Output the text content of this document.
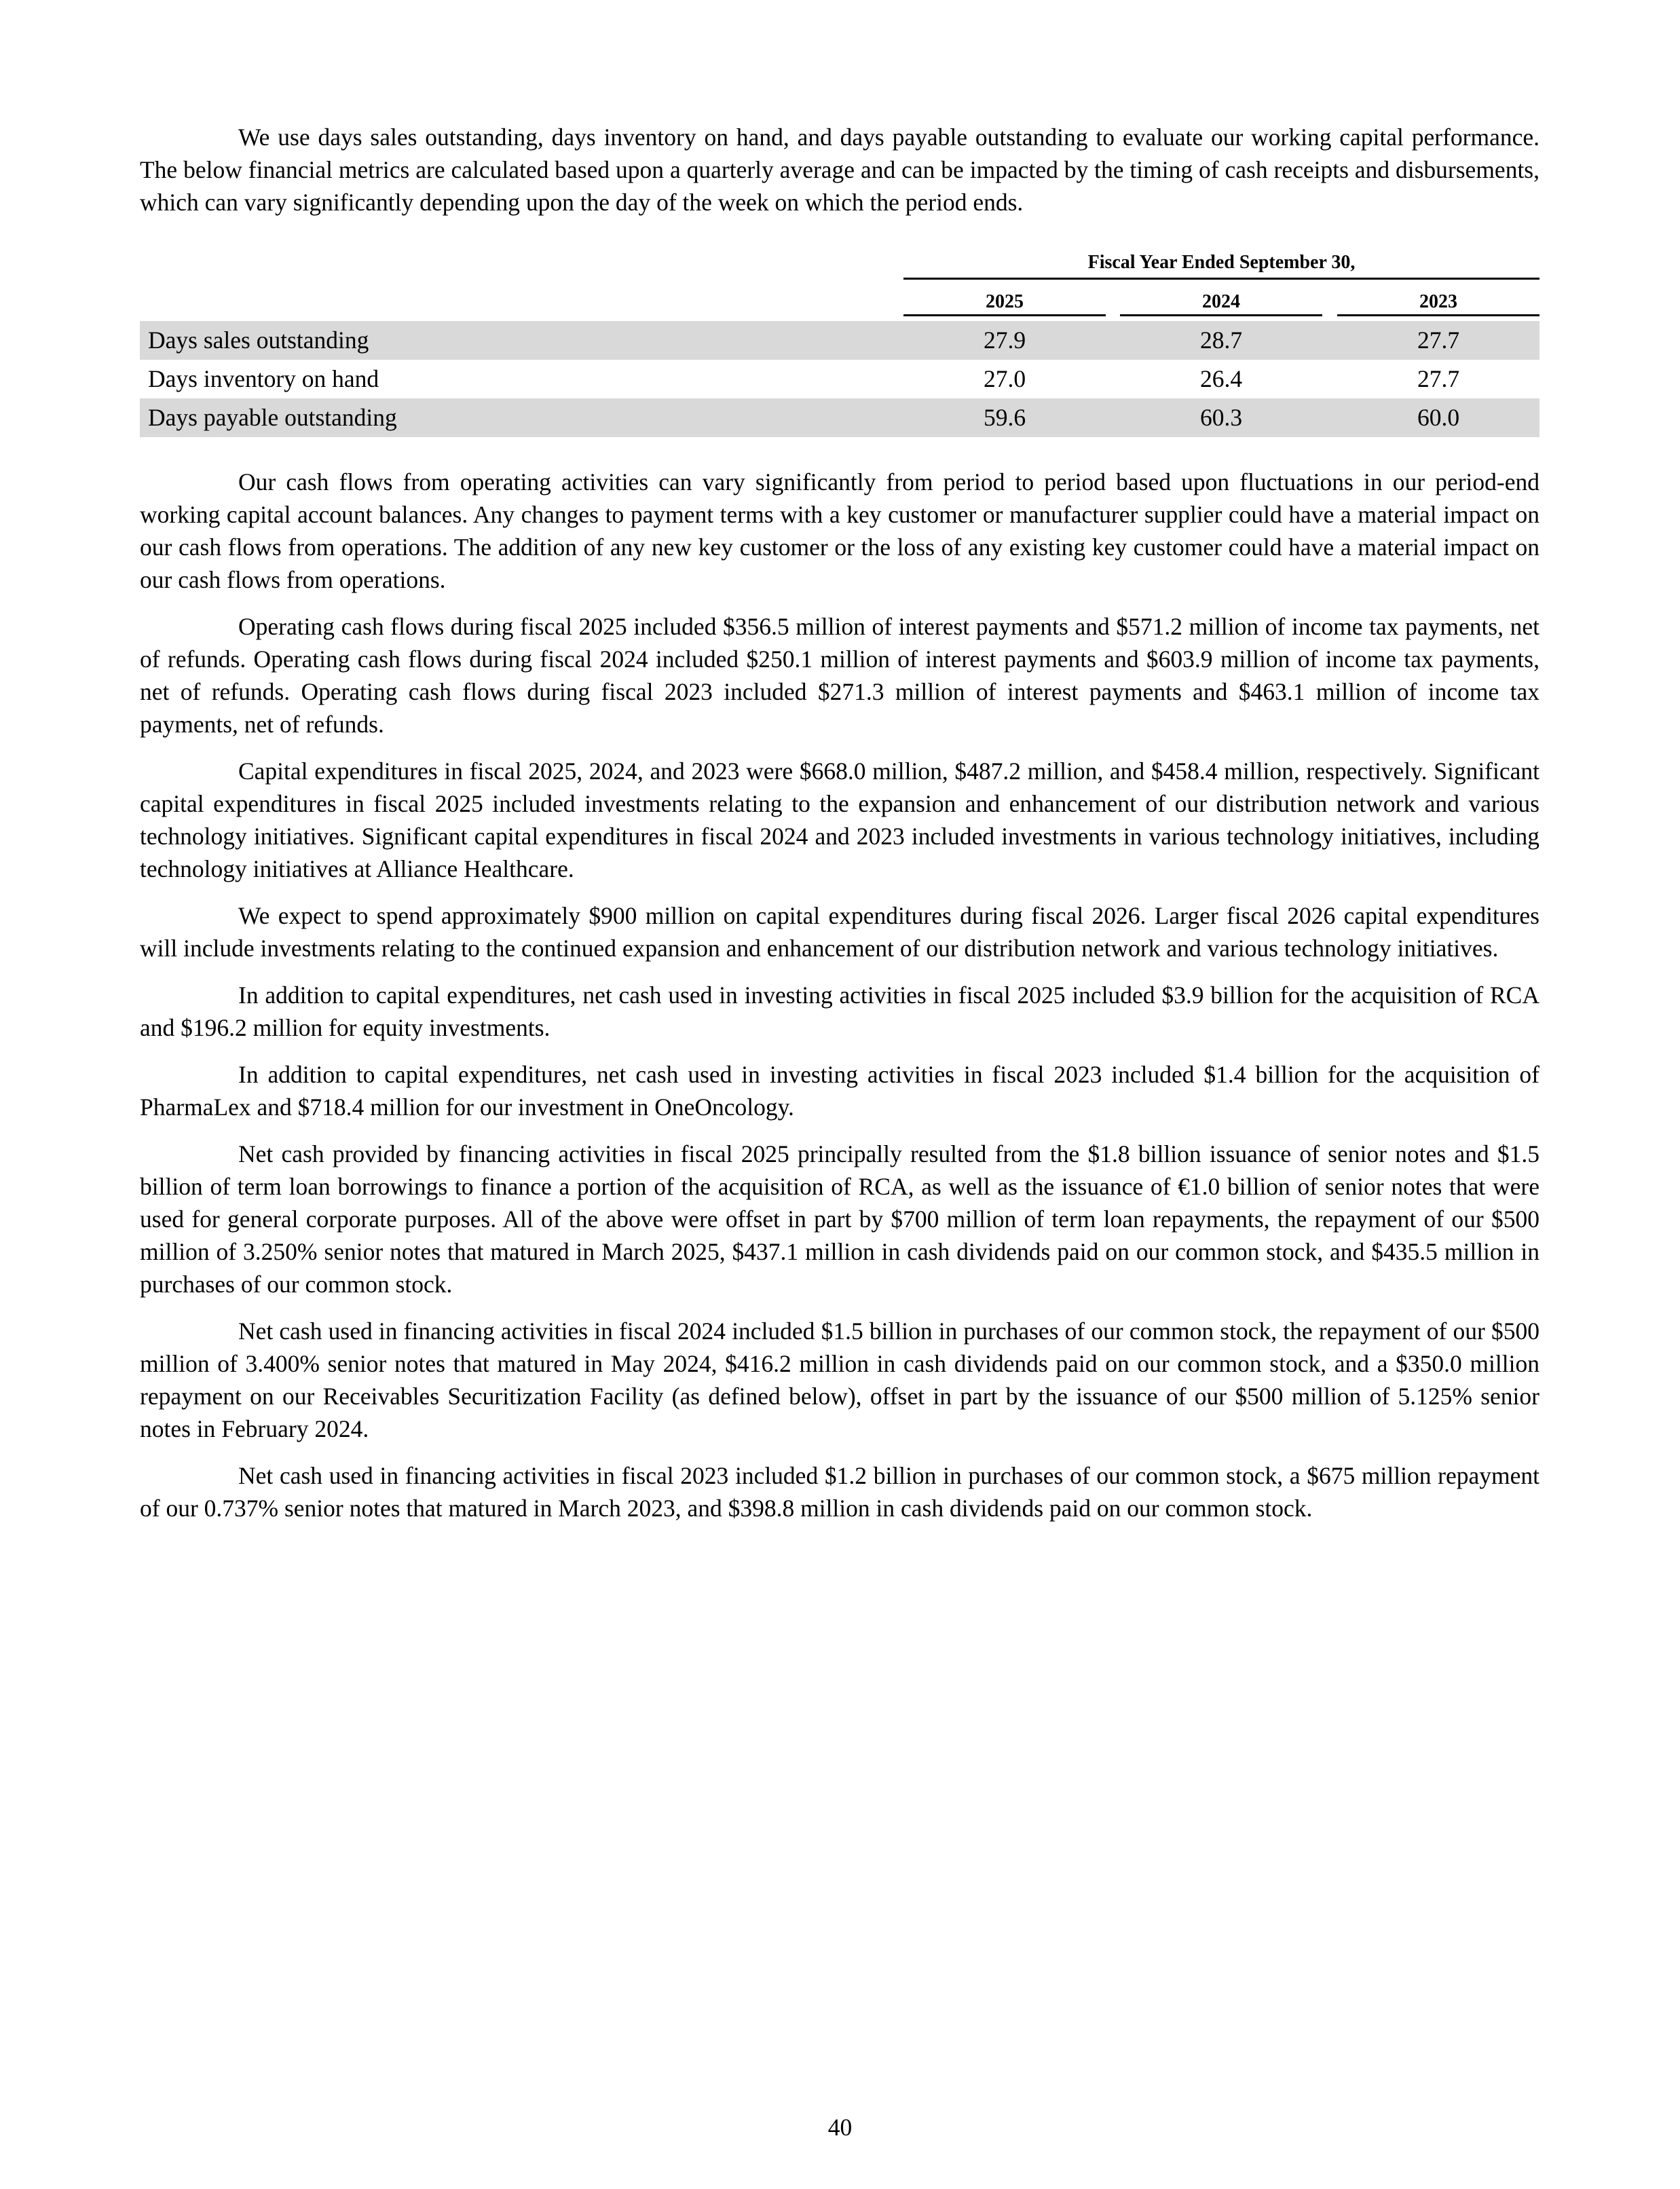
We use days sales outstanding, days inventory on hand, and days payable outstanding to evaluate our working capital performance. The below financial metrics are calculated based upon a quarterly average and can be impacted by the timing of cash receipts and disbursements, which can vary significantly depending upon the day of the week on which the period ends.

Fiscal Year Ended September 30,
2025	2024	2023
Days sales outstanding	27.9	28.7	27.7
Days inventory on hand	27.0	26.4	27.7
Days payable outstanding	59.6	60.3	60.0

Our cash flows from operating activities can vary significantly from period to period based upon fluctuations in our period-end working capital account balances. Any changes to payment terms with a key customer or manufacturer supplier could have a material impact on our cash flows from operations. The addition of any new key customer or the loss of any existing key customer could have a material impact on our cash flows from operations.

Operating cash flows during fiscal 2025 included $356.5 million of interest payments and $571.2 million of income tax payments, net of refunds. Operating cash flows during fiscal 2024 included $250.1 million of interest payments and $603.9 million of income tax payments, net of refunds. Operating cash flows during fiscal 2023 included $271.3 million of interest payments and $463.1 million of income tax payments, net of refunds.

Capital expenditures in fiscal 2025, 2024, and 2023 were $668.0 million, $487.2 million, and $458.4 million, respectively. Significant capital expenditures in fiscal 2025 included investments relating to the expansion and enhancement of our distribution network and various technology initiatives. Significant capital expenditures in fiscal 2024 and 2023 included investments in various technology initiatives, including technology initiatives at Alliance Healthcare.

We expect to spend approximately $900 million on capital expenditures during fiscal 2026. Larger fiscal 2026 capital expenditures will include investments relating to the continued expansion and enhancement of our distribution network and various technology initiatives.

In addition to capital expenditures, net cash used in investing activities in fiscal 2025 included $3.9 billion for the acquisition of RCA and $196.2 million for equity investments.

In addition to capital expenditures, net cash used in investing activities in fiscal 2023 included $1.4 billion for the acquisition of PharmaLex and $718.4 million for our investment in OneOncology.

Net cash provided by financing activities in fiscal 2025 principally resulted from the $1.8 billion issuance of senior notes and $1.5 billion of term loan borrowings to finance a portion of the acquisition of RCA, as well as the issuance of €1.0 billion of senior notes that were used for general corporate purposes. All of the above were offset in part by $700 million of term loan repayments, the repayment of our $500 million of 3.250% senior notes that matured in March 2025, $437.1 million in cash dividends paid on our common stock, and $435.5 million in purchases of our common stock.

Net cash used in financing activities in fiscal 2024 included $1.5 billion in purchases of our common stock, the repayment of our $500 million of 3.400% senior notes that matured in May 2024, $416.2 million in cash dividends paid on our common stock, and a $350.0 million repayment on our Receivables Securitization Facility (as defined below), offset in part by the issuance of our $500 million of 5.125% senior notes in February 2024.

Net cash used in financing activities in fiscal 2023 included $1.2 billion in purchases of our common stock, a $675 million repayment of our 0.737% senior notes that matured in March 2023, and $398.8 million in cash dividends paid on our common stock.

40
